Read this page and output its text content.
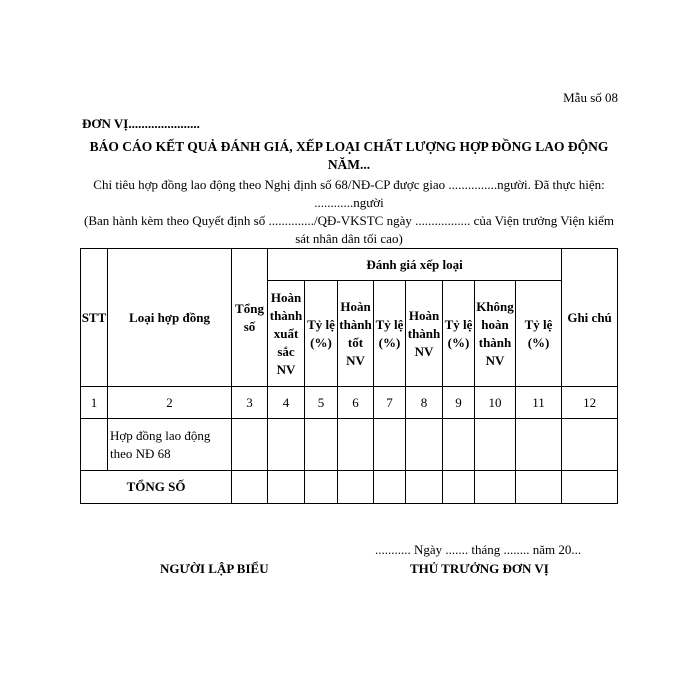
Mẫu số 08
ĐƠN VỊ......................
BÁO CÁO KẾT QUẢ ĐÁNH GIÁ, XẾP LOẠI CHẤT LƯỢNG HỢP ĐỒNG LAO ĐỘNG NĂM...
Chỉ tiêu hợp đồng lao động theo Nghị định số 68/NĐ-CP được giao ...............người. Đã thực hiện: ............người
(Ban hành kèm theo Quyết định số ............../QĐ-VKSTC ngày ................. của Viện trưởng Viện kiểm sát nhân dân tối cao)
STT	Loại hợp đồng	Tổng số	Đánh giá xếp loại								Ghi chú
			Hoàn thành xuất sắc NV	Tỷ lệ (%)	Hoàn thành tốt NV	Tỷ lệ (%)	Hoàn thành NV	Tỷ lệ (%)	Không hoàn thành NV	Tỷ lệ (%)	
1	2	3	4	5	6	7	8	9	10	11	12
	Hợp đồng lao động theo NĐ 68										
TỔNG SỐ											
........... Ngày ....... tháng ........ năm 20...
NGƯỜI LẬP BIỂU	THỦ TRƯỞNG ĐƠN VỊ
